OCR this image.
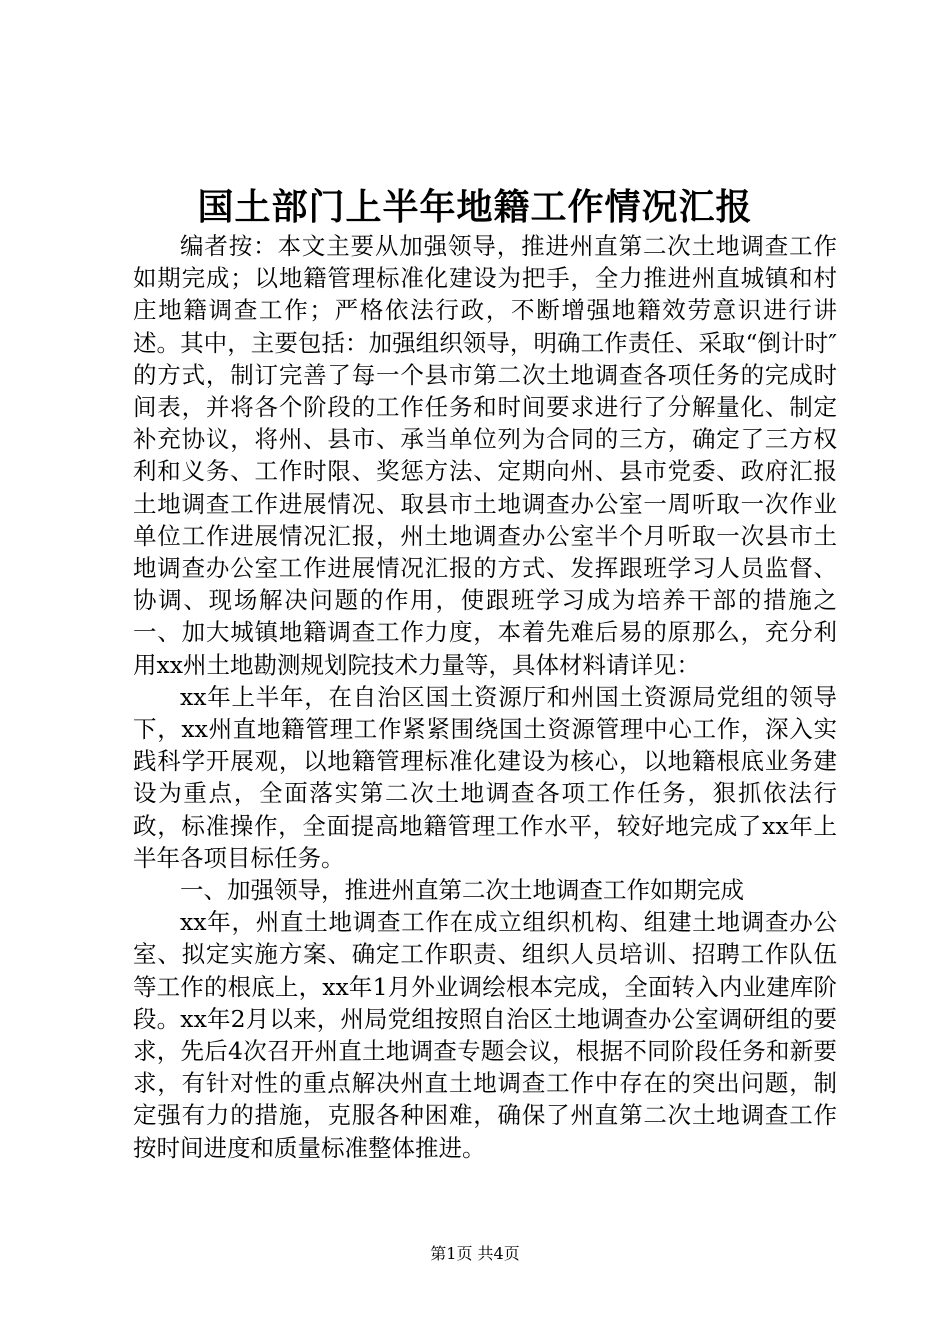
国土部门上半年地籍工作情况汇报

编者按：本文主要从加强领导，推进州直第二次土地调查工作如期完成；以地籍管理标准化建设为把手，全力推进州直城镇和村庄地籍调查工作；严格依法行政，不断增强地籍效劳意识进行讲述。其中，主要包括：加强组织领导，明确工作责任、采取“倒计时″的方式，制订完善了每一个县市第二次土地调查各项任务的完成时间表，并将各个阶段的工作任务和时间要求进行了分解量化、制定补充协议，将州、县市、承当单位列为合同的三方，确定了三方权利和义务、工作时限、奖惩方法、定期向州、县市党委、政府汇报土地调查工作进展情况、取县市土地调查办公室一周听取一次作业单位工作进展情况汇报，州土地调查办公室半个月听取一次县市土地调查办公室工作进展情况汇报的方式、发挥跟班学习人员监督、协调、现场解决问题的作用，使跟班学习成为培养干部的措施之一、加大城镇地籍调查工作力度，本着先难后易的原那么，充分利用xx州土地勘测规划院技术力量等，具体材料请详见：

xx年上半年，在自治区国土资源厅和州国土资源局党组的领导下，xx州直地籍管理工作紧紧围绕国土资源管理中心工作，深入实践科学开展观，以地籍管理标准化建设为核心，以地籍根底业务建设为重点，全面落实第二次土地调查各项工作任务，狠抓依法行政，标准操作，全面提高地籍管理工作水平，较好地完成了xx年上半年各项目标任务。

一、加强领导，推进州直第二次土地调查工作如期完成

xx年，州直土地调查工作在成立组织机构、组建土地调查办公室、拟定实施方案、确定工作职责、组织人员培训、招聘工作队伍等工作的根底上，xx年1月外业调绘根本完成，全面转入内业建库阶段。xx年2月以来，州局党组按照自治区土地调查办公室调研组的要求，先后4次召开州直土地调查专题会议，根据不同阶段任务和新要求，有针对性的重点解决州直土地调查工作中存在的突出问题，制定强有力的措施，克服各种困难，确保了州直第二次土地调查工作按时间进度和质量标准整体推进。

第1页 共4页
